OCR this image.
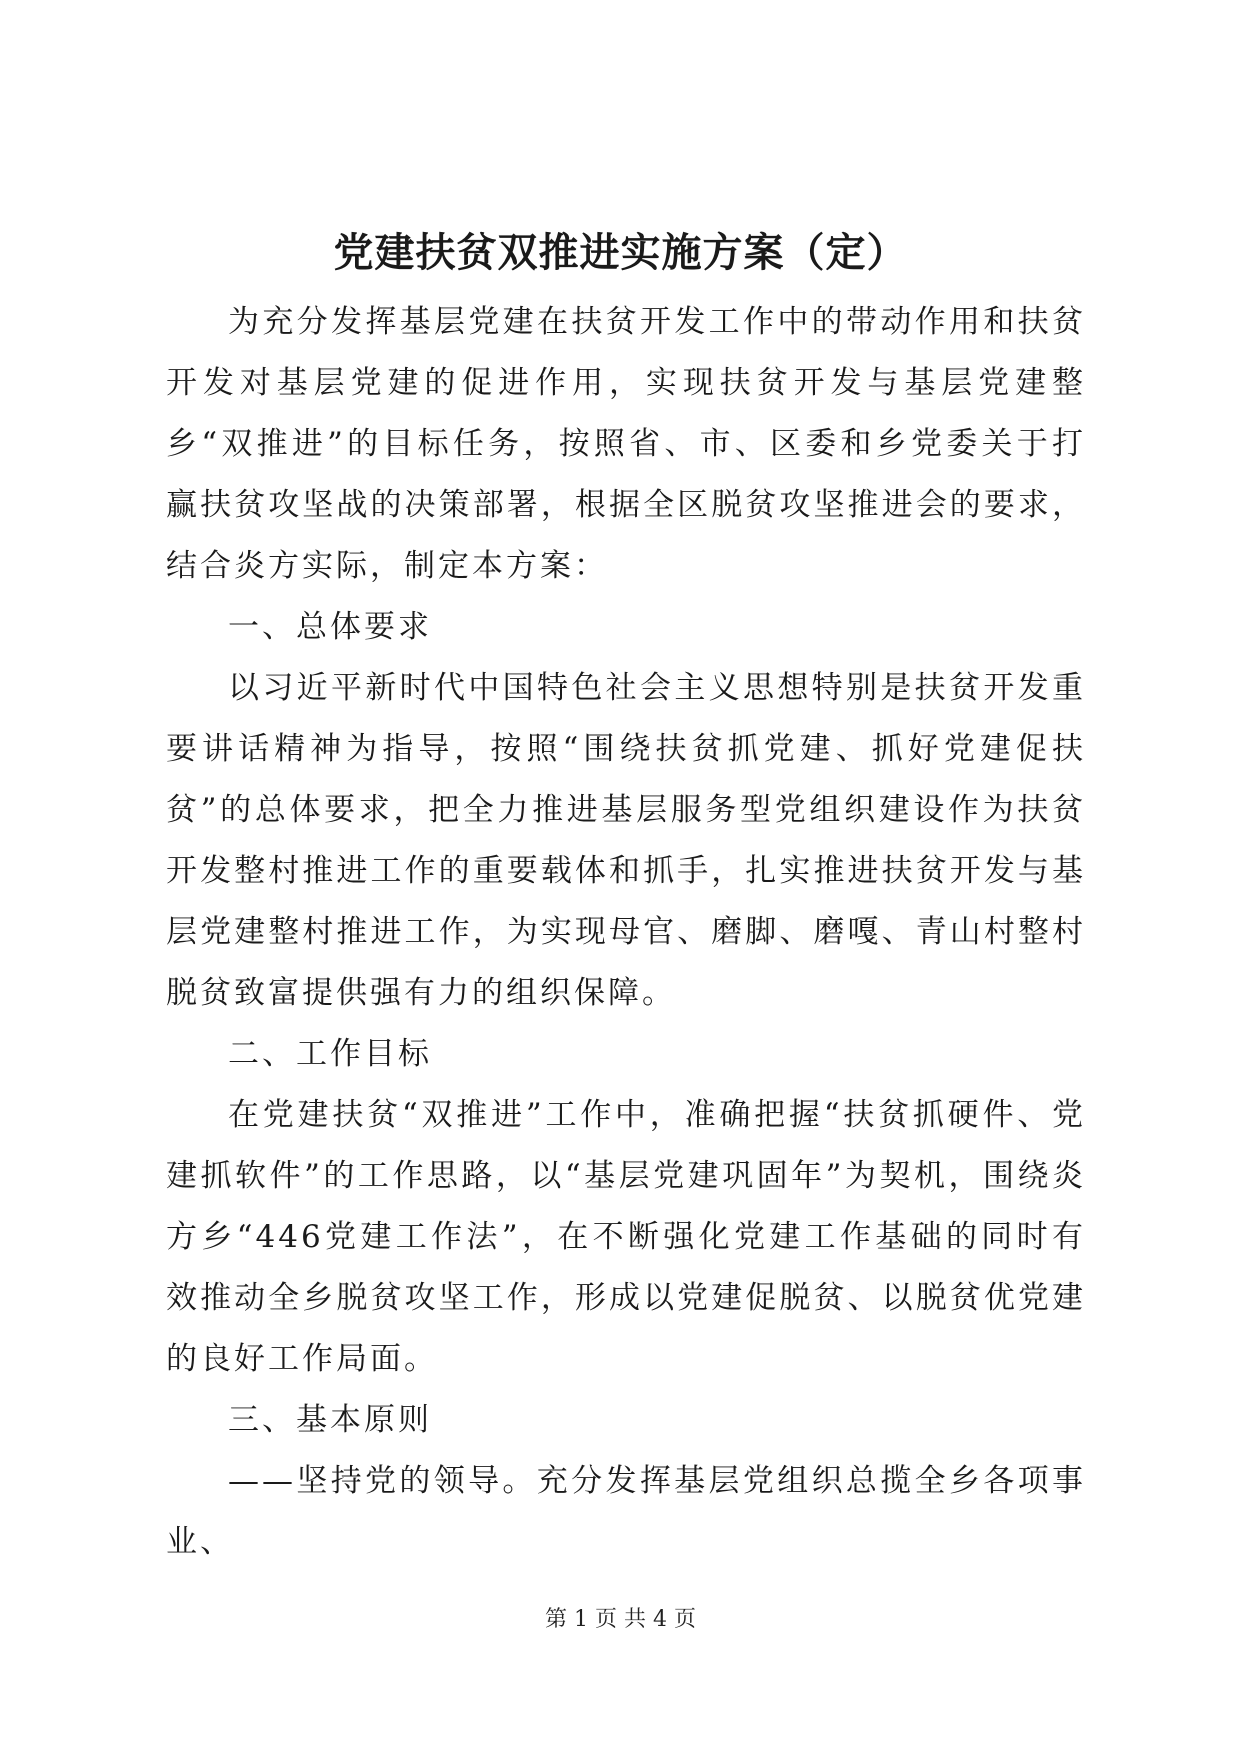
党建扶贫双推进实施方案（定）

为充分发挥基层党建在扶贫开发工作中的带动作用和扶贫开发对基层党建的促进作用，实现扶贫开发与基层党建整乡“双推进”的目标任务，按照省、市、区委和乡党委关于打赢扶贫攻坚战的决策部署，根据全区脱贫攻坚推进会的要求，结合炎方实际，制定本方案：

一、总体要求

以习近平新时代中国特色社会主义思想特别是扶贫开发重要讲话精神为指导，按照“围绕扶贫抓党建、抓好党建促扶贫”的总体要求，把全力推进基层服务型党组织建设作为扶贫开发整村推进工作的重要载体和抓手，扎实推进扶贫开发与基层党建整村推进工作，为实现母官、磨脚、磨嘎、青山村整村脱贫致富提供强有力的组织保障。

二、工作目标

在党建扶贫“双推进”工作中，准确把握“扶贫抓硬件、党建抓软件”的工作思路，以“基层党建巩固年”为契机，围绕炎方乡“446党建工作法”，在不断强化党建工作基础的同时有效推动全乡脱贫攻坚工作，形成以党建促脱贫、以脱贫优党建的良好工作局面。

三、基本原则

——坚持党的领导。充分发挥基层党组织总揽全乡各项事业、

第 1 页 共 4 页
